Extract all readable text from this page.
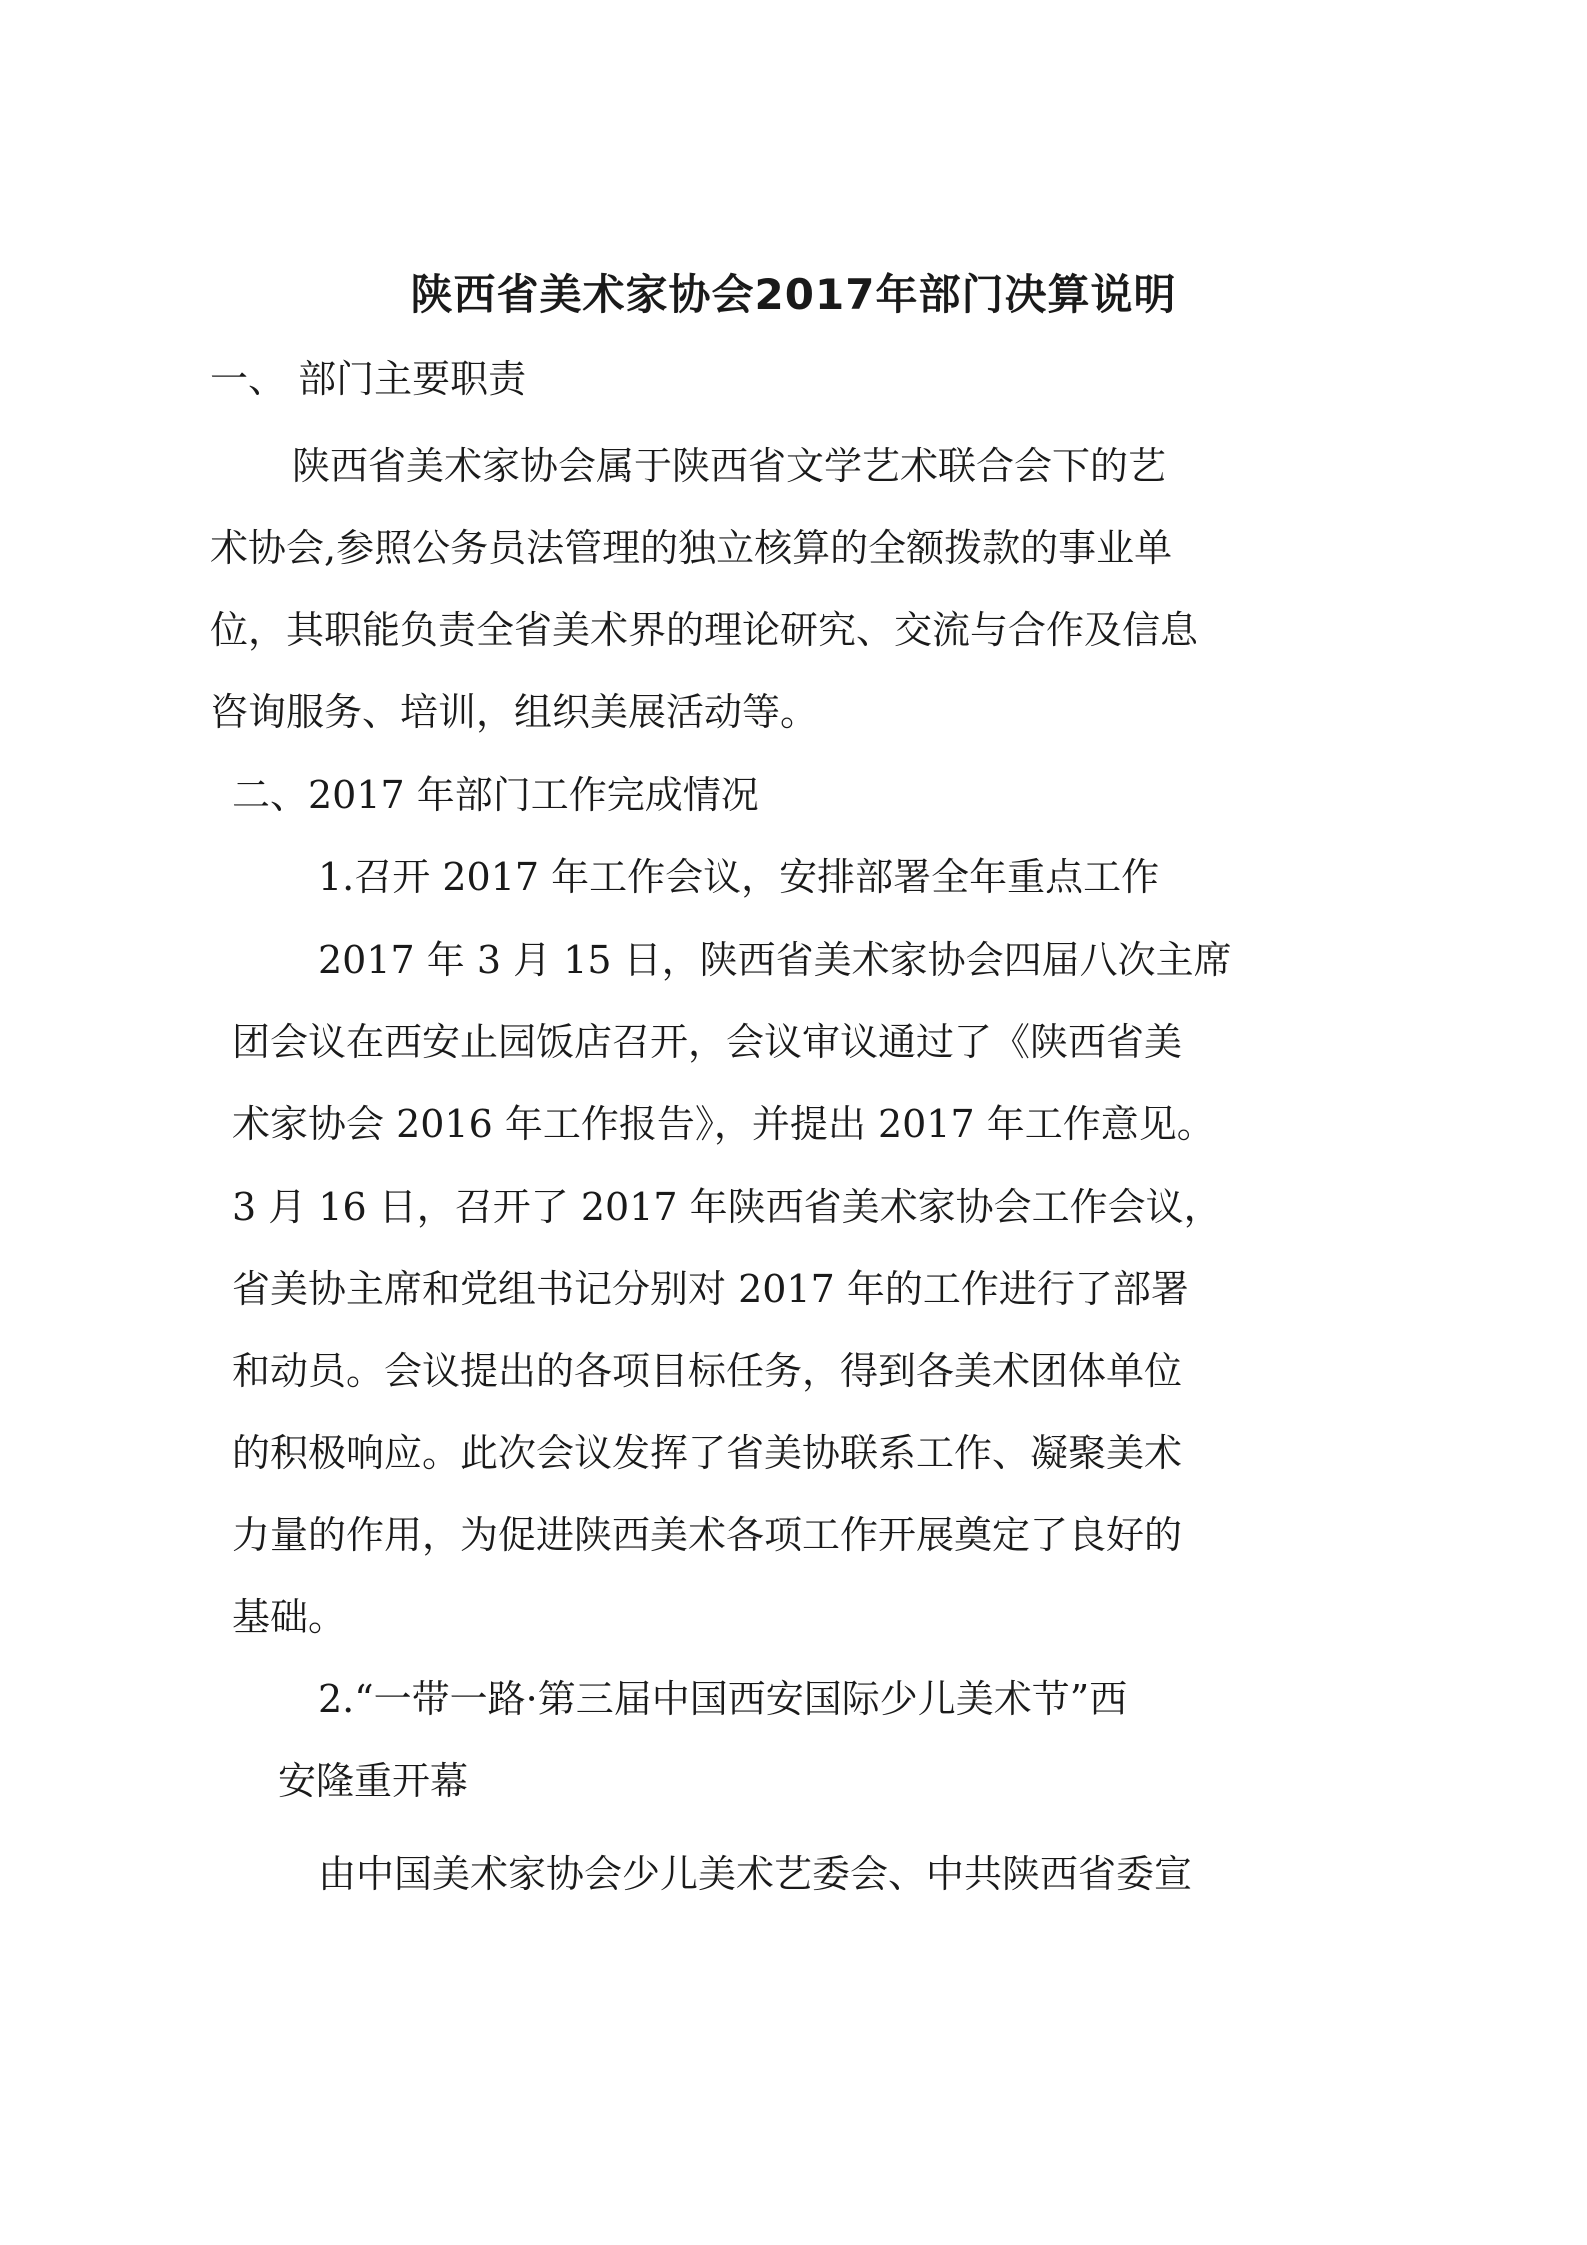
陕西省美术家协会2017年部门决算说明
一、 部门主要职责
陕西省美术家协会属于陕西省文学艺术联合会下的艺
术协会,参照公务员法管理的独立核算的全额拨款的事业单
位，其职能负责全省美术界的理论研究、交流与合作及信息
咨询服务、培训，组织美展活动等。
二、2017 年部门工作完成情况
1.召开 2017 年工作会议，安排部署全年重点工作
2017 年 3 月 15 日，陕西省美术家协会四届八次主席
团会议在西安止园饭店召开，会议审议通过了《陕西省美
术家协会 2016 年工作报告》，并提出 2017 年工作意见。
3 月 16 日，召开了 2017 年陕西省美术家协会工作会议，
省美协主席和党组书记分别对 2017 年的工作进行了部署
和动员。会议提出的各项目标任务，得到各美术团体单位
的积极响应。此次会议发挥了省美协联系工作、凝聚美术
力量的作用，为促进陕西美术各项工作开展奠定了良好的
基础。
2.“一带一路·第三届中国西安国际少儿美术节”西
安隆重开幕
由中国美术家协会少儿美术艺委会、中共陕西省委宣
